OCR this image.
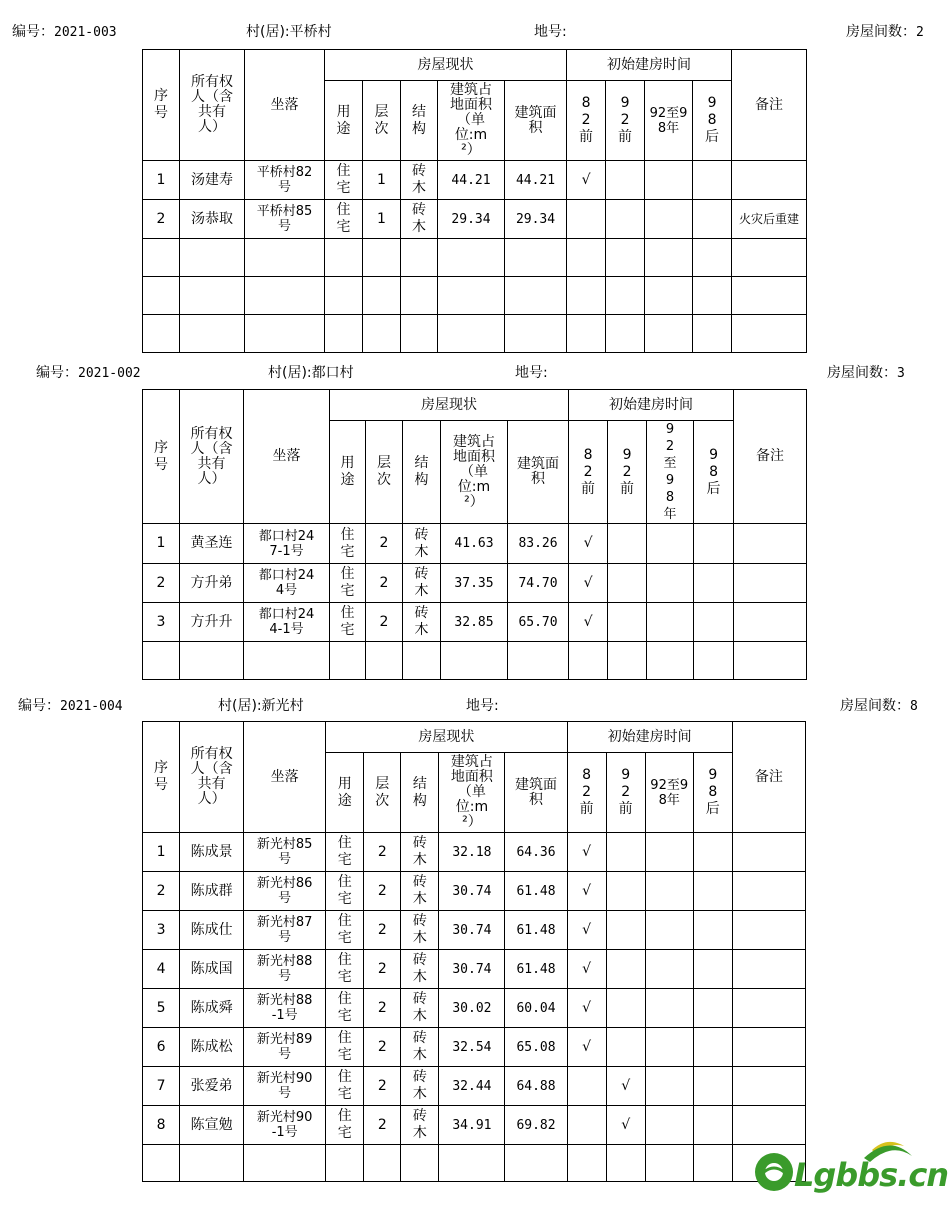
编号：2021-003	村(居):平桥村	地号:	房屋间数：2
序号	所有权人（含共有人）	坐落	房屋现状					初始建房时间				备注
			用途	层次	结构	建筑占地面积（单位:m²）	建筑面积	82前	92前	92至98年	98后	
1	汤建寿	平桥村82号	住宅	1	砖木	44.21	44.21	√				
2	汤恭取	平桥村85号	住宅	1	砖木	29.34	29.34					火灾后重建

编号：2021-002	村(居):都口村	地号:	房屋间数：3
序号	所有权人（含共有人）	坐落	房屋现状					初始建房时间				备注
			用途	层次	结构	建筑占地面积（单位:m²）	建筑面积	82前	92前	92至98年	98后	
1	黄圣连	都口村247-1号	住宅	2	砖木	41.63	83.26	√				
2	方升弟	都口村244号	住宅	2	砖木	37.35	74.70	√				
3	方升升	都口村244-1号	住宅	2	砖木	32.85	65.70	√				

编号：2021-004	村(居):新光村	地号:	房屋间数：8
序号	所有权人（含共有人）	坐落	房屋现状					初始建房时间				备注
			用途	层次	结构	建筑占地面积（单位:m²）	建筑面积	82前	92前	92至98年	98后	
1	陈成景	新光村85号	住宅	2	砖木	32.18	64.36	√				
2	陈成群	新光村86号	住宅	2	砖木	30.74	61.48	√				
3	陈成仕	新光村87号	住宅	2	砖木	30.74	61.48	√				
4	陈成国	新光村88号	住宅	2	砖木	30.74	61.48	√				
5	陈成舜	新光村88-1号	住宅	2	砖木	30.02	60.04	√				
6	陈成松	新光村89号	住宅	2	砖木	32.54	65.08	√				
7	张爱弟	新光村90号	住宅	2	砖木	32.44	64.88		√			
8	陈宣勉	新光村90-1号	住宅	2	砖木	34.91	69.82		√			

Lgbbs.cn
